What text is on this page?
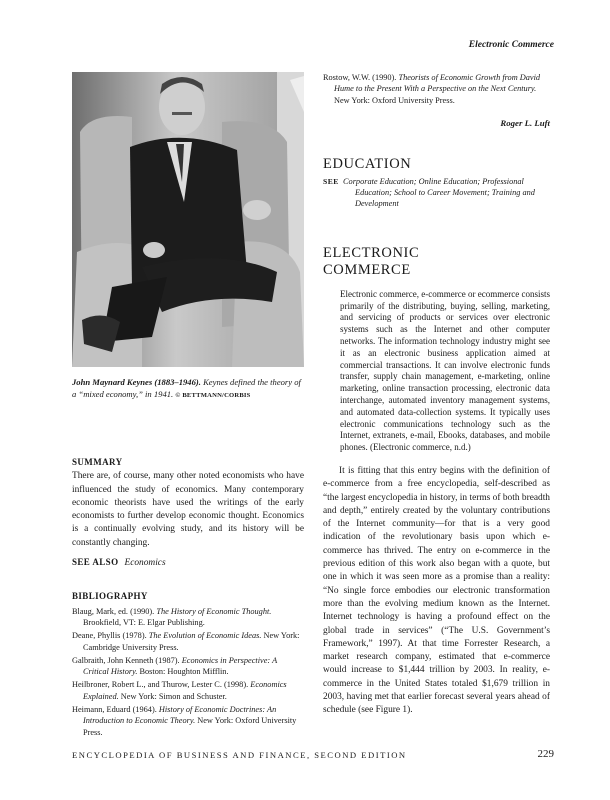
Electronic Commerce
John Maynard Keynes (1883–1946). Keynes defined the theory of a “mixed economy,” in 1941. © BETTMANN/CORBIS
SUMMARY

There are, of course, many other noted economists who have influenced the study of economics. Many contemporary economic theorists have used the writings of the early economists to further develop economic thought. Economics is a continually evolving study, and its history will be constantly changing.

SEE ALSO Economics
BIBLIOGRAPHY
Blaug, Mark, ed. (1990). The History of Economic Thought. Brookfield, VT: E. Elgar Publishing.
Deane, Phyllis (1978). The Evolution of Economic Ideas. New York: Cambridge University Press.
Galbraith, John Kenneth (1987). Economics in Perspective: A Critical History. Boston: Houghton Mifflin.
Heilbroner, Robert L., and Thurow, Lester C. (1998). Economics Explained. New York: Simon and Schuster.
Heimann, Eduard (1964). History of Economic Doctrines: An Introduction to Economic Theory. New York: Oxford University Press.

Rostow, W.W. (1990). Theorists of Economic Growth from David Hume to the Present With a Perspective on the Next Century. New York: Oxford University Press.

Roger L. Luft

EDUCATION
SEE Corporate Education; Online Education; Professional Education; School to Career Movement; Training and Development
ELECTRONIC
COMMERCE

Electronic commerce, e-commerce or ecommerce consists primarily of the distributing, buying, selling, marketing, and servicing of products or services over electronic systems such as the Internet and other computer networks. The information technology industry might see it as an electronic business application aimed at commercial transactions. It can involve electronic funds transfer, supply chain management, e-marketing, online marketing, online transaction processing, electronic data interchange, automated inventory management systems, and automated data-collection systems. It typically uses electronic communications technology such as the Internet, extranets, e-mail, Ebooks, databases, and mobile phones. (Electronic commerce, n.d.)

It is fitting that this entry begins with the definition of e-commerce from a free encyclopedia, self-described as “the largest encyclopedia in history, in terms of both breadth and depth,” entirely created by the voluntary contributions of the Internet community—for that is a very good indication of the revolutionary basis upon which e-commerce has thrived. The entry on e-commerce in the previous edition of this work also began with a quote, but one in which it was seen more as a promise than a reality: “No single force embodies our electronic transformation more than the evolving medium known as the Internet. Internet technology is having a profound effect on the global trade in services” (“The U.S. Government’s Framework,” 1997). At that time Forrester Research, a market research company, estimated that e-commerce would increase to $1,444 trillion by 2003. In reality, e-commerce in the United States totaled $1,679 trillion in 2003, having met that earlier forecast several years ahead of schedule (see Figure 1).

ENCYCLOPEDIA OF BUSINESS AND FINANCE, SECOND EDITION	229
